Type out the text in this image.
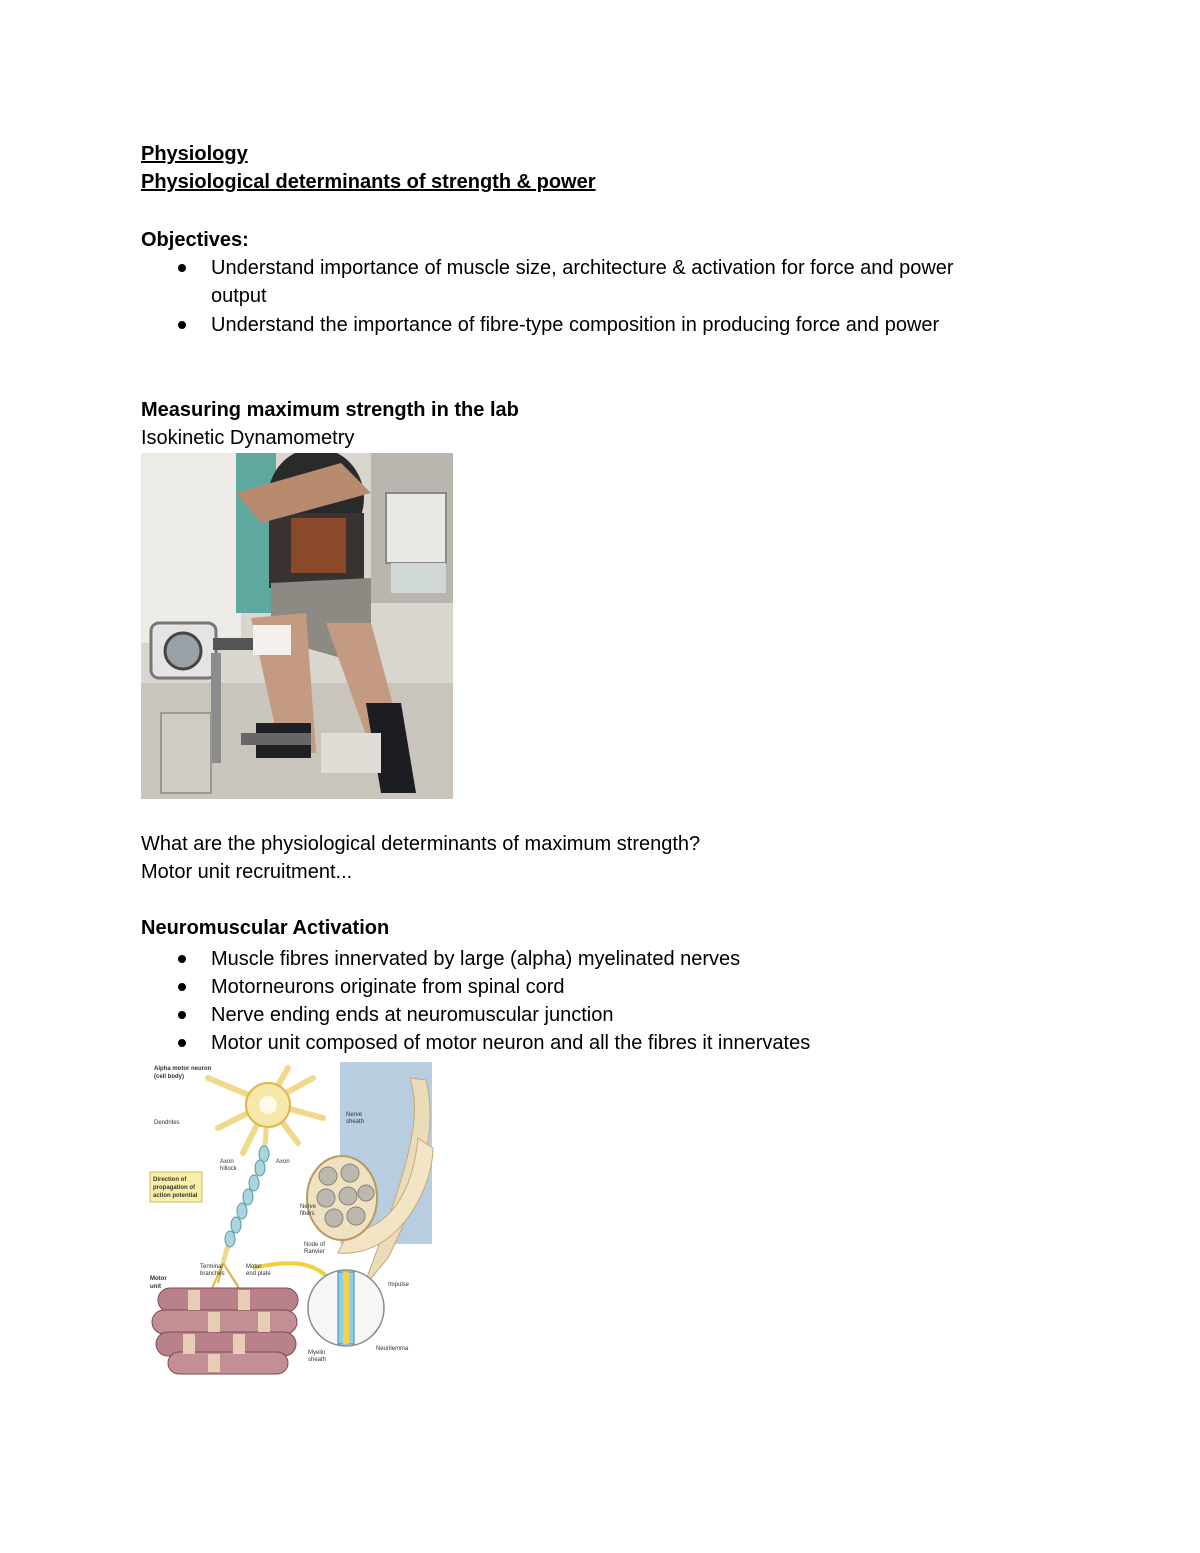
Physiology
Physiological determinants of strength & power
Objectives:
Understand importance of muscle size, architecture & activation for force and power
output
Understand the importance of fibre-type composition in producing force and power
Measuring maximum strength in the lab
Isokinetic Dynamometry
What are the physiological determinants of maximum strength?
Motor unit recruitment...
Neuromuscular Activation
Muscle fibres innervated by large (alpha) myelinated nerves
Motorneurons originate from spinal cord
Nerve ending ends at neuromuscular junction
Motor unit composed of motor neuron and all the fibres it innervates
Alpha motor neuron
(cell body)
Dendrites
Axon
hillock
Axon
Direction of
propagation of
action potential
Nerve
fibers
Nerve
sheath
Terminal
branches
Motor
end plate
Motor
unit
Node of
Ranvier
Impulse
Neurilemma
Myelin
sheath
